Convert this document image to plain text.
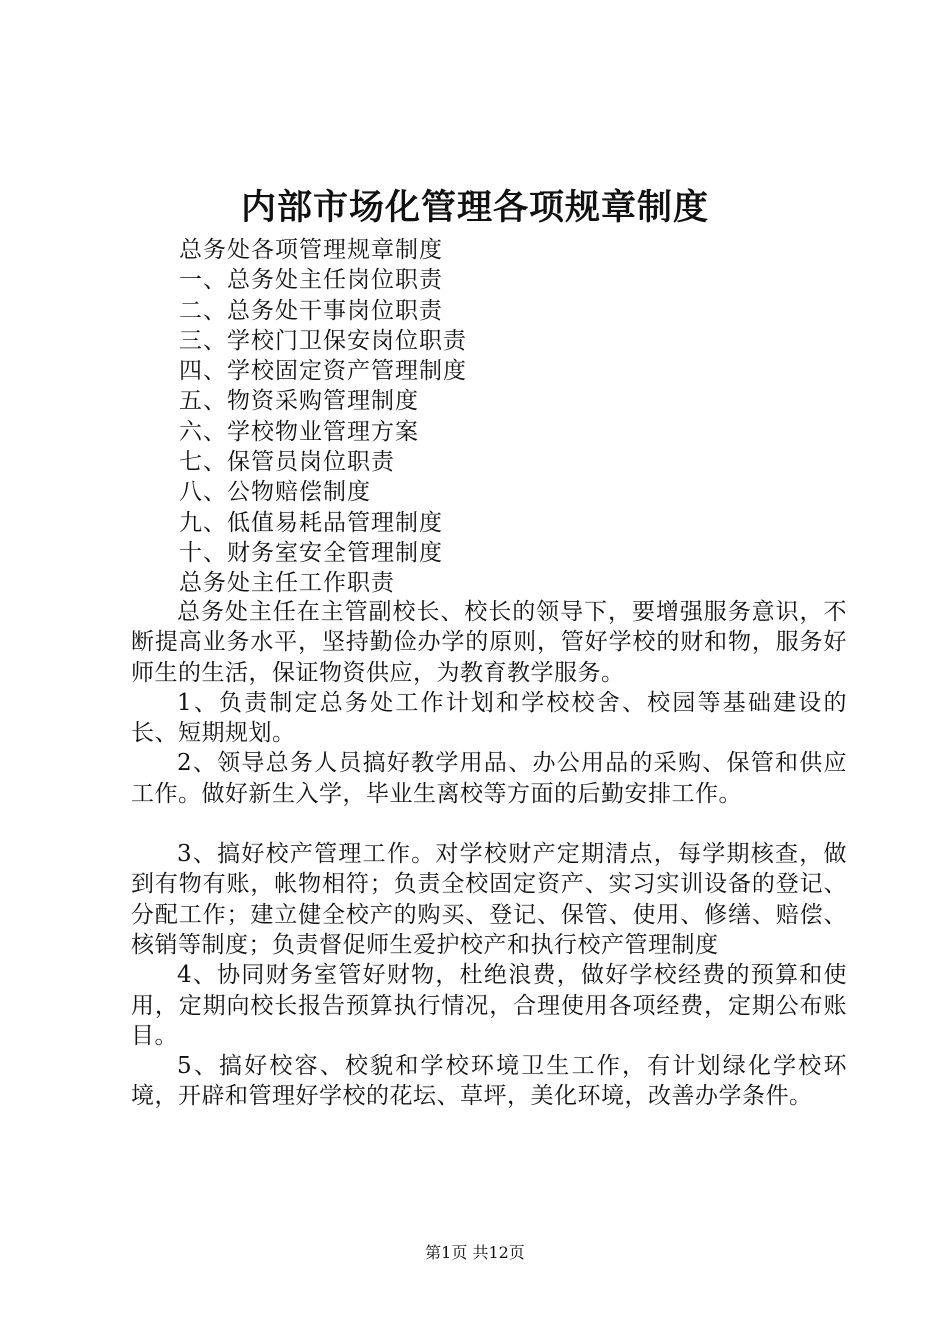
内部市场化管理各项规章制度
总务处各项管理规章制度
一、总务处主任岗位职责
二、总务处干事岗位职责
三、学校门卫保安岗位职责
四、学校固定资产管理制度
五、物资采购管理制度
六、学校物业管理方案
七、保管员岗位职责
八、公物赔偿制度
九、低值易耗品管理制度
十、财务室安全管理制度
总务处主任工作职责

总务处主任在主管副校长、校长的领导下，要增强服务意识，不断提高业务水平，坚持勤俭办学的原则，管好学校的财和物，服务好师生的生活，保证物资供应，为教育教学服务。

1、负责制定总务处工作计划和学校校舍、校园等基础建设的长、短期规划。

2、领导总务人员搞好教学用品、办公用品的采购、保管和供应工作。做好新生入学，毕业生离校等方面的后勤安排工作。

3、搞好校产管理工作。对学校财产定期清点，每学期核查，做到有物有账，帐物相符；负责全校固定资产、实习实训设备的登记、分配工作；建立健全校产的购买、登记、保管、使用、修缮、赔偿、核销等制度；负责督促师生爱护校产和执行校产管理制度

4、协同财务室管好财物，杜绝浪费，做好学校经费的预算和使用，定期向校长报告预算执行情况，合理使用各项经费，定期公布账目。

5、搞好校容、校貌和学校环境卫生工作，有计划绿化学校环境，开辟和管理好学校的花坛、草坪，美化环境，改善办学条件。

第1页 共12页
